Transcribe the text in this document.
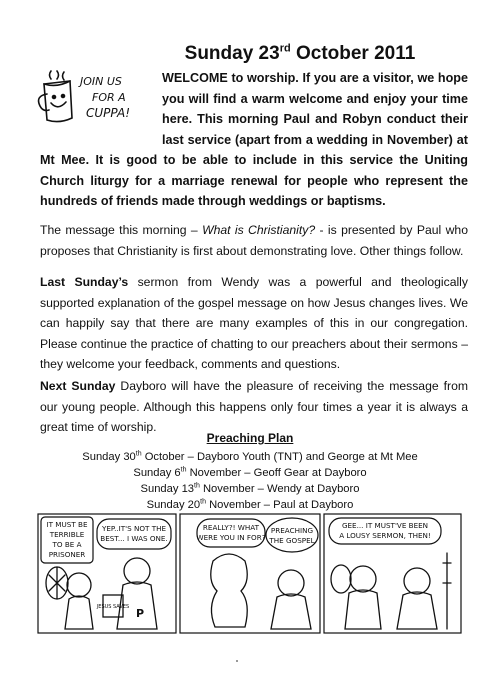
Sunday 23rd October 2011
JOIN US
FOR A
CUPPA!

WELCOME to worship. If you are a visitor, we hope you will find a warm welcome and enjoy your time here. This morning Paul and Robyn conduct their last service (apart from a wedding in November) at Mt Mee. It is good to be able to include in this service the Uniting Church liturgy for a marriage renewal for people who represent the hundreds of friends made through weddings or baptisms.

The message this morning – What is Christianity? - is presented by Paul who proposes that Christianity is first about demonstrating love. Other things follow.

Last Sunday’s sermon from Wendy was a powerful and theologically supported explanation of the gospel message on how Jesus changes lives. We can happily say that there are many examples of this in our congregation. Please continue the practice of chatting to our preachers about their sermons – they welcome your feedback, comments and questions.

Next Sunday Dayboro will have the pleasure of receiving the message from our young people. Although this happens only four times a year it is always a great time of worship.

Preaching Plan
Sunday 30th October – Dayboro Youth (TNT) and George at Mt Mee
Sunday 6th November – Geoff Gear at Dayboro
Sunday 13th November – Wendy at Dayboro
Sunday 20th November – Paul at Dayboro
IT MUST BE
TERRIBLE
TO BE A
PRISONER
YEP..IT'S NOT THE
BEST... I WAS ONE.
REALLY?! WHAT
WERE YOU IN FOR?
PREACHING
THE GOSPEL
GEE... IT MUST'VE BEEN
A LOUSY SERMON, THEN!
JESUS SAVES P
